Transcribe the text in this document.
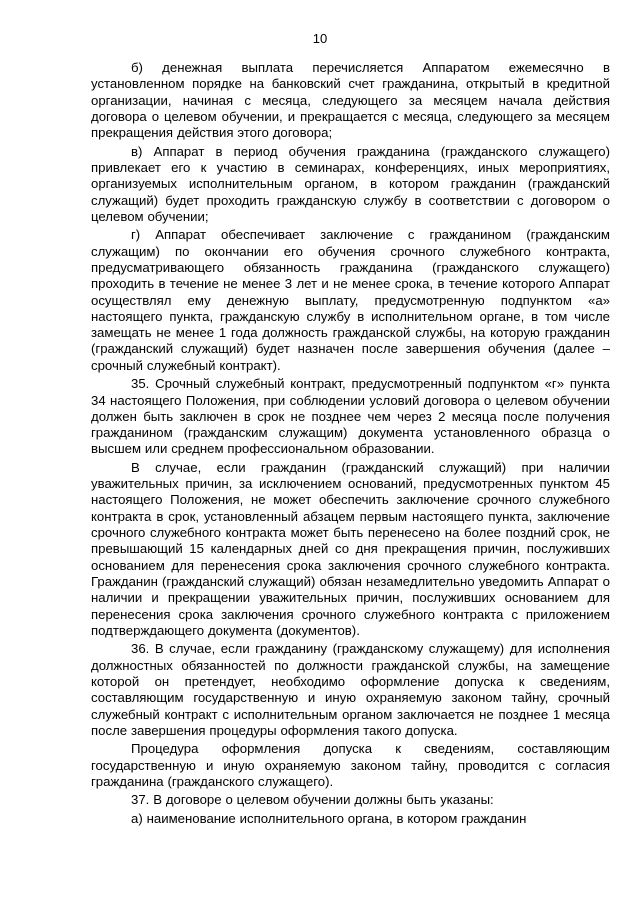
10

б) денежная выплата перечисляется Аппаратом ежемесячно в установленном порядке на банковский счет гражданина, открытый в кредитной организации, начиная с месяца, следующего за месяцем начала действия договора о целевом обучении, и прекращается с месяца, следующего за месяцем прекращения действия этого договора;

в) Аппарат в период обучения гражданина (гражданского служащего) привлекает его к участию в семинарах, конференциях, иных мероприятиях, организуемых исполнительным органом, в котором гражданин (гражданский служащий) будет проходить гражданскую службу в соответствии с договором о целевом обучении;

г) Аппарат обеспечивает заключение с гражданином (гражданским служащим) по окончании его обучения срочного служебного контракта, предусматривающего обязанность гражданина (гражданского служащего) проходить в течение не менее 3 лет и не менее срока, в течение которого Аппарат осуществлял ему денежную выплату, предусмотренную подпунктом «а» настоящего пункта, гражданскую службу в исполнительном органе, в том числе замещать не менее 1 года должность гражданской службы, на которую гражданин (гражданский служащий) будет назначен после завершения обучения (далее – срочный служебный контракт).

35. Срочный служебный контракт, предусмотренный подпунктом «г» пункта 34 настоящего Положения, при соблюдении условий договора о целевом обучении должен быть заключен в срок не позднее чем через 2 месяца после получения гражданином (гражданским служащим) документа установленного образца о высшем или среднем профессиональном образовании.

В случае, если гражданин (гражданский служащий) при наличии уважительных причин, за исключением оснований, предусмотренных пунктом 45 настоящего Положения, не может обеспечить заключение срочного служебного контракта в срок, установленный абзацем первым настоящего пункта, заключение срочного служебного контракта может быть перенесено на более поздний срок, не превышающий 15 календарных дней со дня прекращения причин, послуживших основанием для перенесения срока заключения срочного служебного контракта. Гражданин (гражданский служащий) обязан незамедлительно уведомить Аппарат о наличии и прекращении уважительных причин, послуживших основанием для перенесения срока заключения срочного служебного контракта с приложением подтверждающего документа (документов).

36. В случае, если гражданину (гражданскому служащему) для исполнения должностных обязанностей по должности гражданской службы, на замещение которой он претендует, необходимо оформление допуска к сведениям, составляющим государственную и иную охраняемую законом тайну, срочный служебный контракт с исполнительным органом заключается не позднее 1 месяца после завершения процедуры оформления такого допуска.

Процедура оформления допуска к сведениям, составляющим государственную и иную охраняемую законом тайну, проводится с согласия гражданина (гражданского служащего).

37. В договоре о целевом обучении должны быть указаны:

а) наименование исполнительного органа, в котором гражданин
